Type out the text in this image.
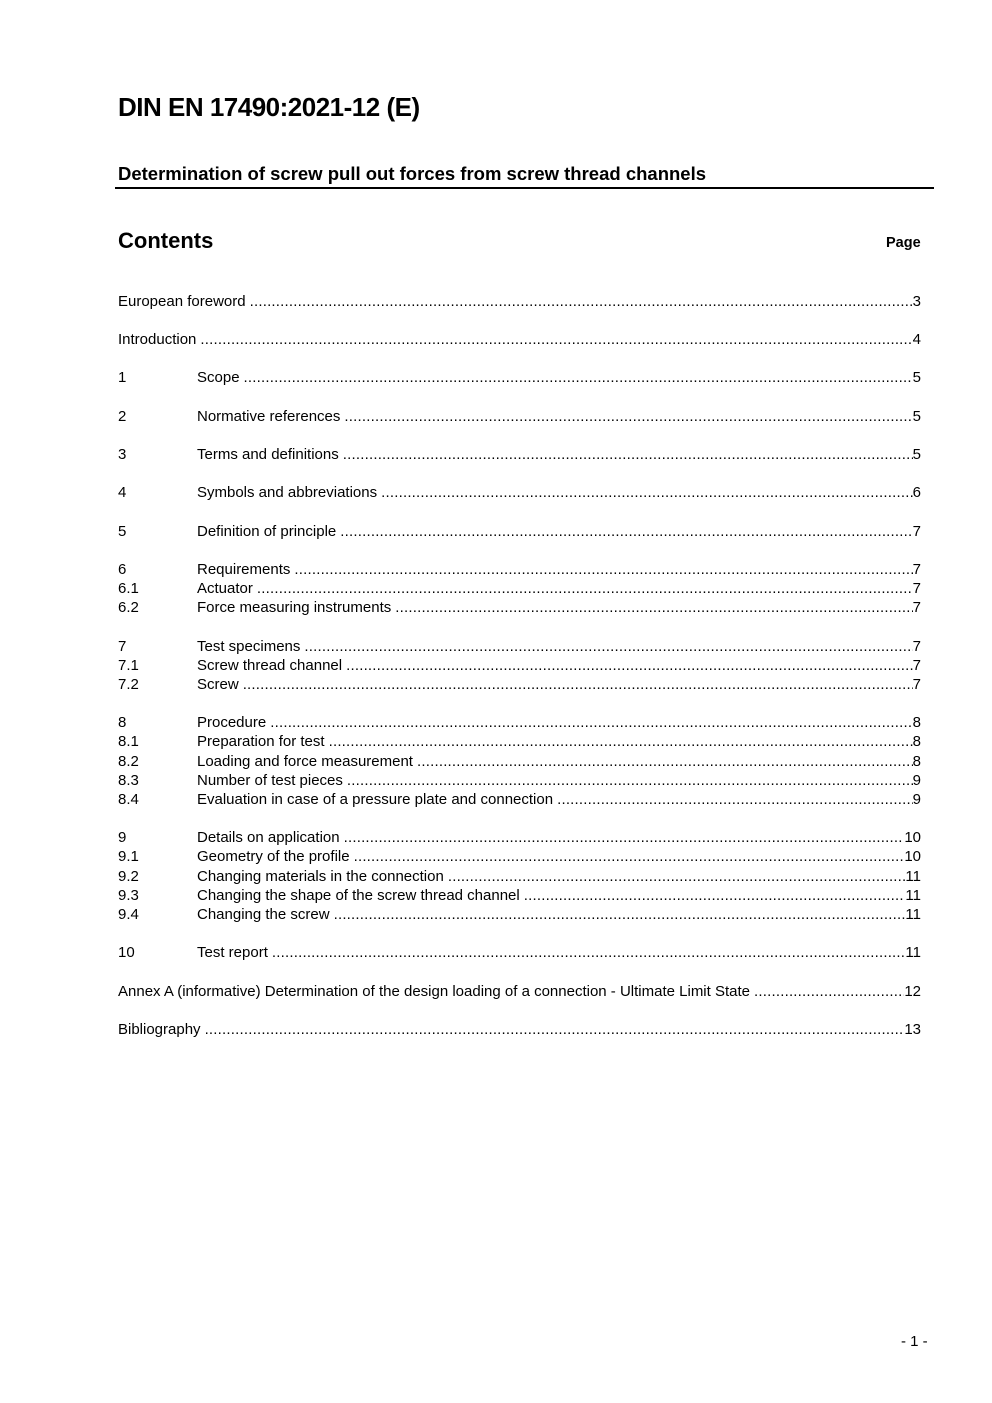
DIN EN 17490:2021-12 (E)
Determination of screw pull out forces from screw thread channels
Contents	Page
European foreword .....	3
Introduction .....	4
1	Scope .....	5
2	Normative references .....	5
3	Terms and definitions .....	5
4	Symbols and abbreviations .....	6
5	Definition of principle .....	7
6	Requirements .....	7
6.1	Actuator .....	7
6.2	Force measuring instruments .....	7
7	Test specimens .....	7
7.1	Screw thread channel .....	7
7.2	Screw .....	7
8	Procedure .....	8
8.1	Preparation for test .....	8
8.2	Loading and force measurement .....	8
8.3	Number of test pieces .....	9
8.4	Evaluation in case of a pressure plate and connection .....	9
9	Details on application .....	10
9.1	Geometry of the profile .....	10
9.2	Changing materials in the connection .....	11
9.3	Changing the shape of the screw thread channel .....	11
9.4	Changing the screw .....	11
10	Test report .....	11
Annex A (informative) Determination of the design loading of a connection - Ultimate Limit State .....	12
Bibliography .....	13
- 1 -
